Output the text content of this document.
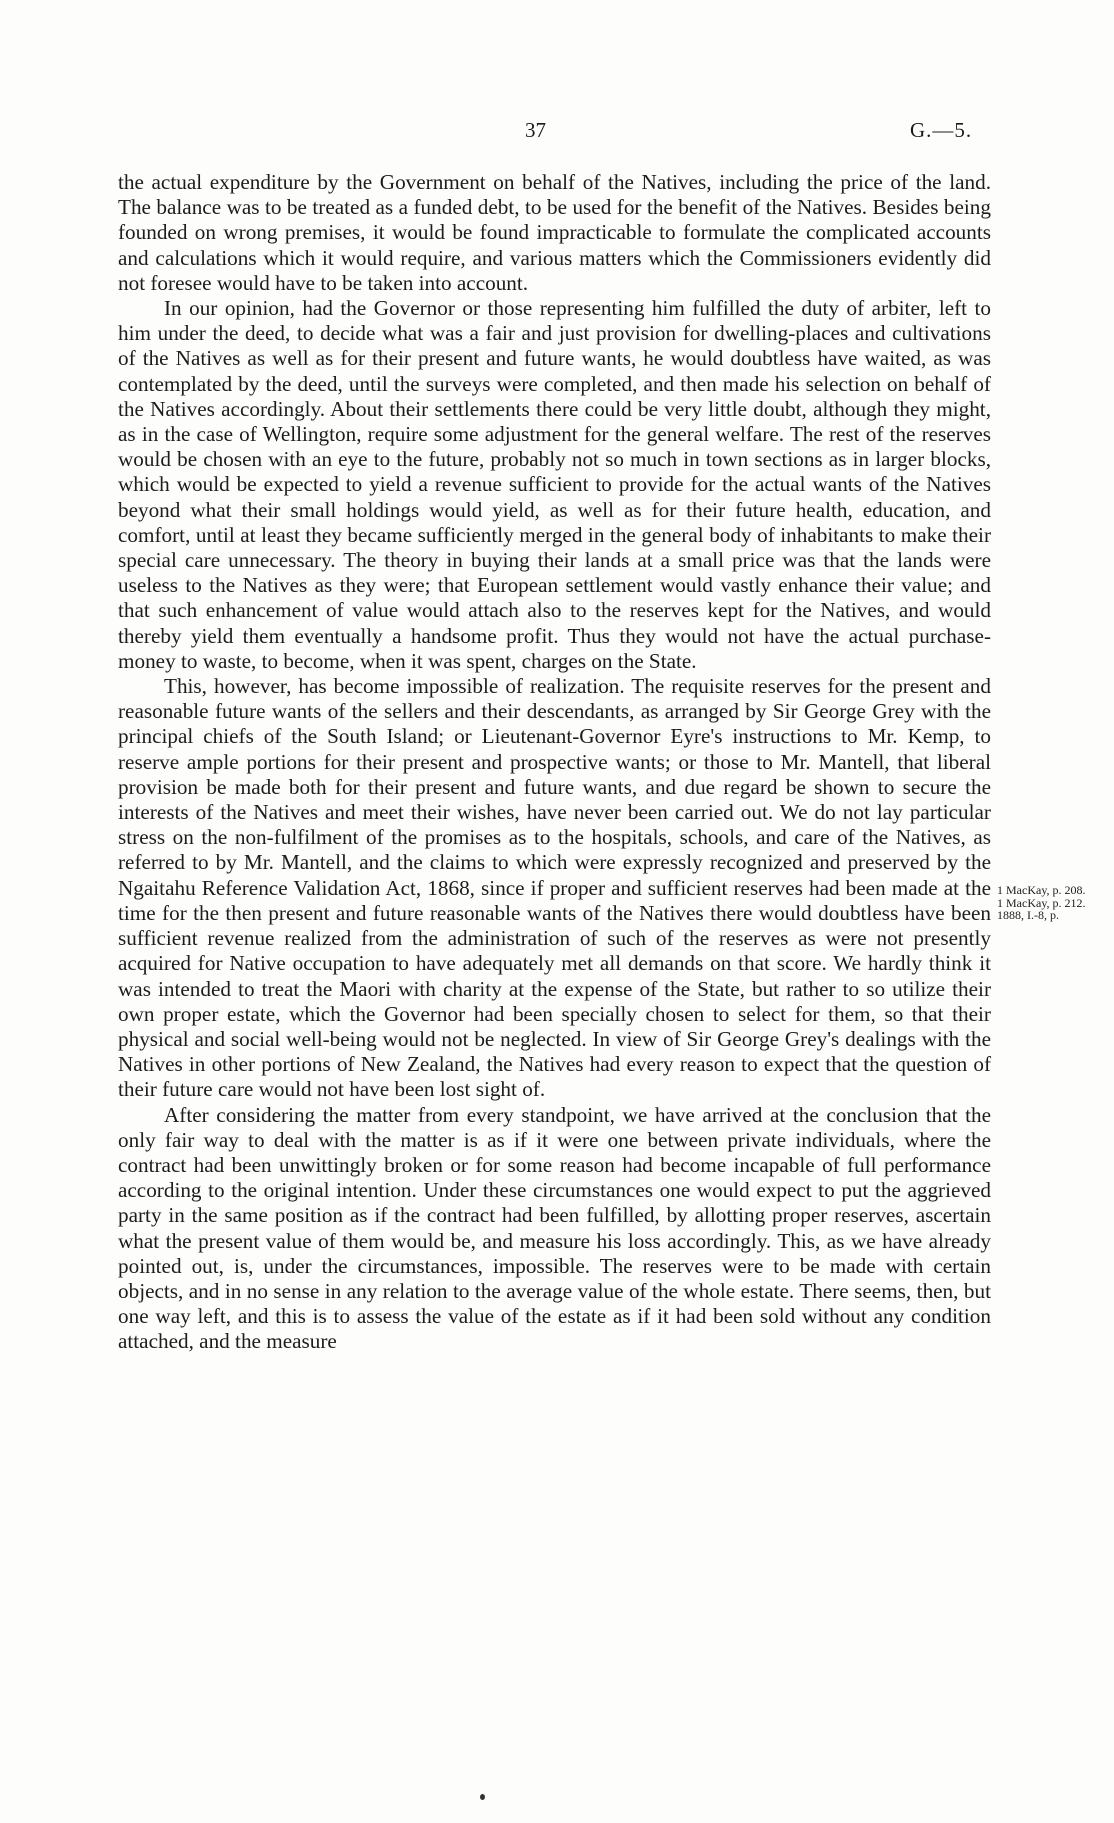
37	G.—5.

the actual expenditure by the Government on behalf of the Natives, including the price of the land. The balance was to be treated as a funded debt, to be used for the benefit of the Natives. Besides being founded on wrong premises, it would be found impracticable to formulate the complicated accounts and calculations which it would require, and various matters which the Commissioners evidently did not foresee would have to be taken into account.

In our opinion, had the Governor or those representing him fulfilled the duty of arbiter, left to him under the deed, to decide what was a fair and just provision for dwelling-places and cultivations of the Natives as well as for their present and future wants, he would doubtless have waited, as was contemplated by the deed, until the surveys were completed, and then made his selection on behalf of the Natives accordingly. About their settlements there could be very little doubt, although they might, as in the case of Wellington, require some adjustment for the general welfare. The rest of the reserves would be chosen with an eye to the future, probably not so much in town sections as in larger blocks, which would be expected to yield a revenue sufficient to provide for the actual wants of the Natives beyond what their small holdings would yield, as well as for their future health, education, and comfort, until at least they became sufficiently merged in the general body of inhabitants to make their special care unnecessary. The theory in buying their lands at a small price was that the lands were useless to the Natives as they were; that European settlement would vastly enhance their value; and that such enhancement of value would attach also to the reserves kept for the Natives, and would thereby yield them eventually a handsome profit. Thus they would not have the actual purchase-money to waste, to become, when it was spent, charges on the State.

This, however, has become impossible of realization. The requisite reserves for the present and reasonable future wants of the sellers and their descendants, as arranged by Sir George Grey with the principal chiefs of the South Island; or Lieutenant-Governor Eyre's instructions to Mr. Kemp, to reserve ample portions for their present and prospective wants; or those to Mr. Mantell, that liberal provision be made both for their present and future wants, and due regard be shown to secure the interests of the Natives and meet their wishes, have never been carried out. We do not lay particular stress on the non-fulfilment of the promises as to the hospitals, schools, and care of the Natives, as referred to by Mr. Mantell, and the claims to which were expressly recognized and preserved by the Ngaitahu Reference Validation Act, 1868, since if proper and sufficient reserves had been made at the time for the then present and future reasonable wants of the Natives there would doubtless have been sufficient revenue realized from the administration of such of the reserves as were not presently acquired for Native occupation to have adequately met all demands on that score. We hardly think it was intended to treat the Maori with charity at the expense of the State, but rather to so utilize their own proper estate, which the Governor had been specially chosen to select for them, so that their physical and social well-being would not be neglected. In view of Sir George Grey's dealings with the Natives in other portions of New Zealand, the Natives had every reason to expect that the question of their future care would not have been lost sight of.

After considering the matter from every standpoint, we have arrived at the conclusion that the only fair way to deal with the matter is as if it were one between private individuals, where the contract had been unwittingly broken or for some reason had become incapable of full performance according to the original intention. Under these circumstances one would expect to put the aggrieved party in the same position as if the contract had been fulfilled, by allotting proper reserves, ascertain what the present value of them would be, and measure his loss accordingly. This, as we have already pointed out, is, under the circumstances, impossible. The reserves were to be made with certain objects, and in no sense in any relation to the average value of the whole estate. There seems, then, but one way left, and this is to assess the value of the estate as if it had been sold without any condition attached, and the measure

1 MacKay, p. 208.
1 MacKay, p. 212.
1888, I.-8, p.
